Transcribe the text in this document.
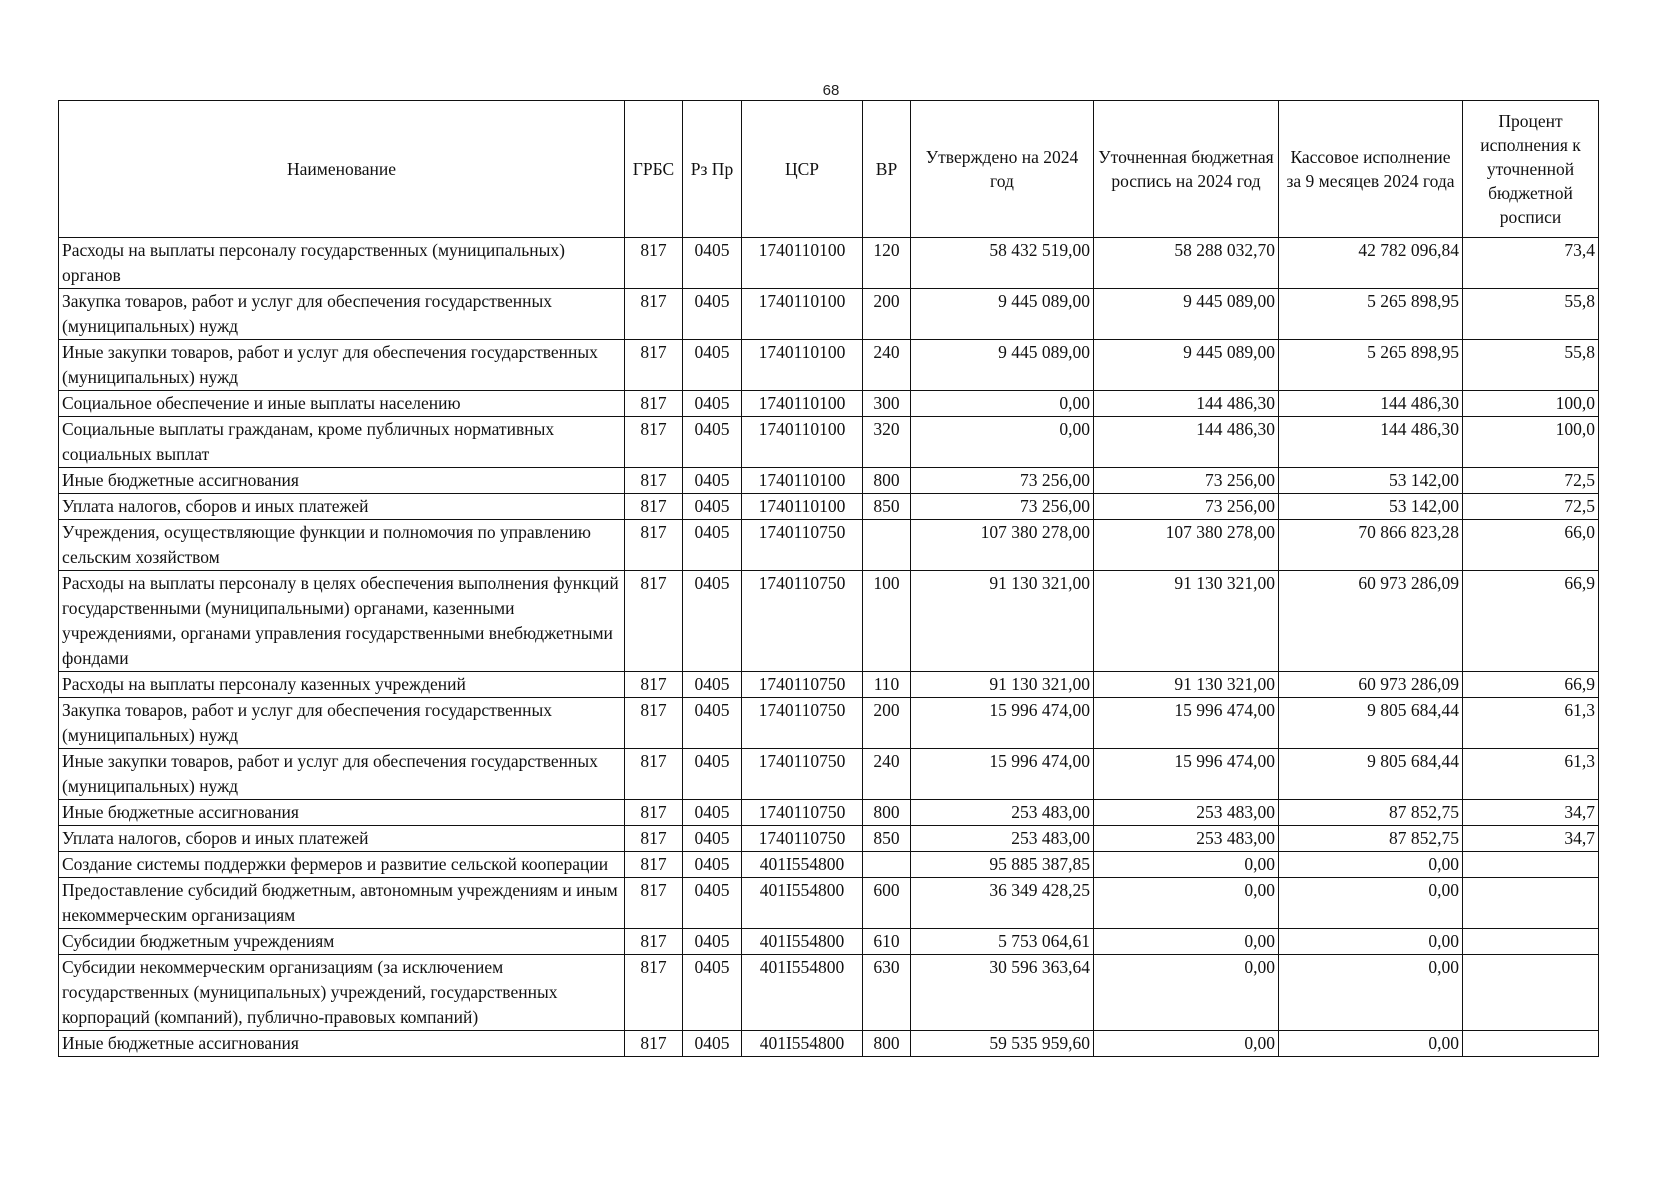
68
Наименование	ГРБС	Рз Пр	ЦСР	ВР	Утверждено на 2024 год	Уточненная бюджетная роспись на 2024 год	Кассовое исполнение за 9 месяцев 2024 года	Процент исполнения к уточненной бюджетной росписи
Расходы на выплаты персоналу государственных (муниципальных) органов	817	0405	1740110100	120	58 432 519,00	58 288 032,70	42 782 096,84	73,4
Закупка товаров, работ и услуг для обеспечения государственных (муниципальных) нужд	817	0405	1740110100	200	9 445 089,00	9 445 089,00	5 265 898,95	55,8
Иные закупки товаров, работ и услуг для обеспечения государственных (муниципальных) нужд	817	0405	1740110100	240	9 445 089,00	9 445 089,00	5 265 898,95	55,8
Социальное обеспечение и иные выплаты населению	817	0405	1740110100	300	0,00	144 486,30	144 486,30	100,0
Социальные выплаты гражданам, кроме публичных нормативных социальных выплат	817	0405	1740110100	320	0,00	144 486,30	144 486,30	100,0
Иные бюджетные ассигнования	817	0405	1740110100	800	73 256,00	73 256,00	53 142,00	72,5
Уплата налогов, сборов и иных платежей	817	0405	1740110100	850	73 256,00	73 256,00	53 142,00	72,5
Учреждения, осуществляющие функции и полномочия по управлению сельским хозяйством	817	0405	1740110750		107 380 278,00	107 380 278,00	70 866 823,28	66,0
Расходы на выплаты персоналу в целях обеспечения выполнения функций государственными (муниципальными) органами, казенными учреждениями, органами управления государственными внебюджетными фондами	817	0405	1740110750	100	91 130 321,00	91 130 321,00	60 973 286,09	66,9
Расходы на выплаты персоналу казенных учреждений	817	0405	1740110750	110	91 130 321,00	91 130 321,00	60 973 286,09	66,9
Закупка товаров, работ и услуг для обеспечения государственных (муниципальных) нужд	817	0405	1740110750	200	15 996 474,00	15 996 474,00	9 805 684,44	61,3
Иные закупки товаров, работ и услуг для обеспечения государственных (муниципальных) нужд	817	0405	1740110750	240	15 996 474,00	15 996 474,00	9 805 684,44	61,3
Иные бюджетные ассигнования	817	0405	1740110750	800	253 483,00	253 483,00	87 852,75	34,7
Уплата налогов, сборов и иных платежей	817	0405	1740110750	850	253 483,00	253 483,00	87 852,75	34,7
Создание системы поддержки фермеров и развитие сельской кооперации	817	0405	401I554800		95 885 387,85	0,00	0,00	
Предоставление субсидий бюджетным, автономным учреждениям и иным некоммерческим организациям	817	0405	401I554800	600	36 349 428,25	0,00	0,00	
Субсидии бюджетным учреждениям	817	0405	401I554800	610	5 753 064,61	0,00	0,00	
Субсидии некоммерческим организациям (за исключением государственных (муниципальных) учреждений, государственных корпораций (компаний), публично-правовых компаний)	817	0405	401I554800	630	30 596 363,64	0,00	0,00	
Иные бюджетные ассигнования	817	0405	401I554800	800	59 535 959,60	0,00	0,00	
